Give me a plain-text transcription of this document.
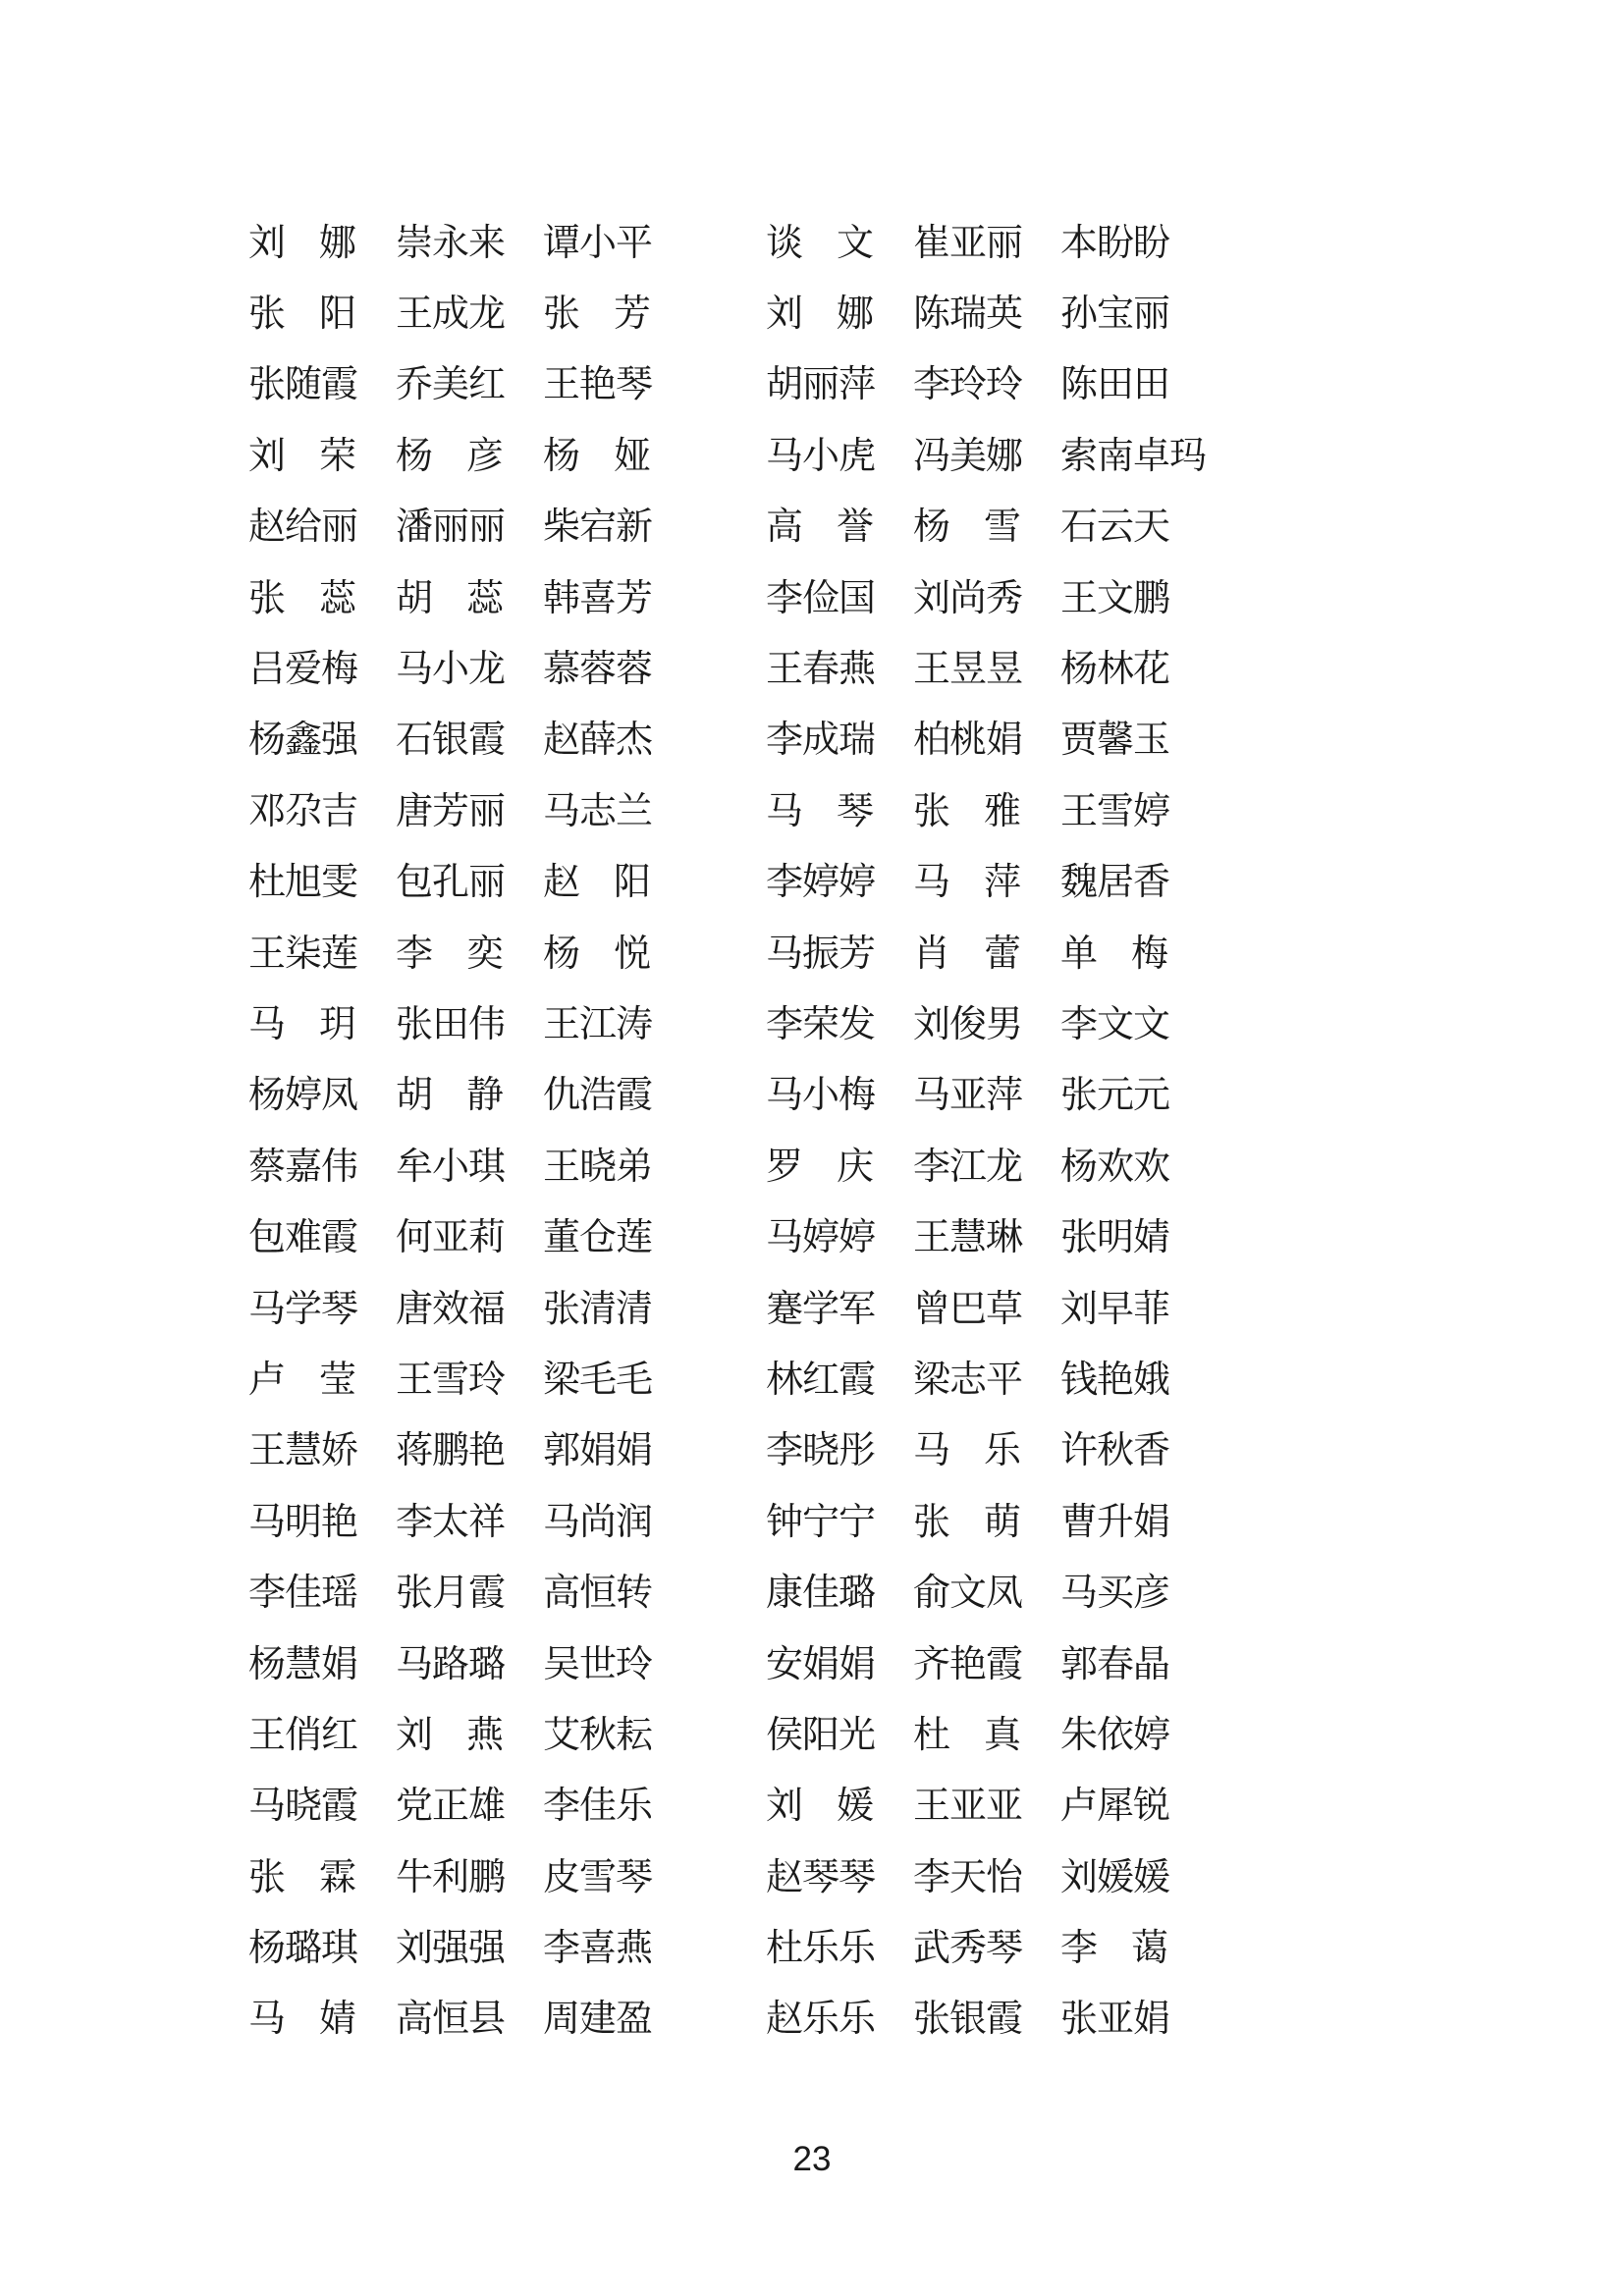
刘 娜 崇永来 谭小平	谈 文 崔亚丽 本盼盼
张 阳 王成龙 张 芳	刘 娜 陈瑞英 孙宝丽
张随霞 乔美红 王艳琴	胡丽萍 李玲玲 陈田田
刘 荣 杨 彦 杨 娅	马小虎 冯美娜 索南卓玛
赵给丽 潘丽丽 柴宕新	高 誉 杨 雪 石云天
张 蕊 胡 蕊 韩喜芳	李俭国 刘尚秀 王文鹏
吕爱梅 马小龙 慕蓉蓉	王春燕 王昱昱 杨林花
杨鑫强 石银霞 赵薛杰	李成瑞 柏桃娟 贾馨玉
邓尕吉 唐芳丽 马志兰	马 琴 张 雅 王雪婷
杜旭雯 包孔丽 赵 阳	李婷婷 马 萍 魏居香
王柒莲 李 奕 杨 悦	马振芳 肖 蕾 单 梅
马 玥 张田伟 王江涛	李荣发 刘俊男 李文文
杨婷凤 胡 静 仇浩霞	马小梅 马亚萍 张元元
蔡嘉伟 牟小琪 王晓弟	罗 庆 李江龙 杨欢欢
包难霞 何亚莉 董仓莲	马婷婷 王慧琳 张明婧
马学琴 唐效福 张清清	蹇学军 曾巴草 刘早菲
卢 莹 王雪玲 梁毛毛	林红霞 梁志平 钱艳娥
王慧娇 蒋鹏艳 郭娟娟	李晓彤 马 乐 许秋香
马明艳 李太祥 马尚润	钟宁宁 张 萌 曹升娟
李佳瑶 张月霞 高恒转	康佳璐 俞文凤 马买彦
杨慧娟 马路璐 吴世玲	安娟娟 齐艳霞 郭春晶
王俏红 刘 燕 艾秋耘	侯阳光 杜 真 朱依婷
马晓霞 党正雄 李佳乐	刘 媛 王亚亚 卢犀锐
张 霖 牛利鹏 皮雪琴	赵琴琴 李天怡 刘媛媛
杨璐琪 刘强强 李喜燕	杜乐乐 武秀琴 李 蔼
马 婧 高恒县 周建盈	赵乐乐 张银霞 张亚娟
23
